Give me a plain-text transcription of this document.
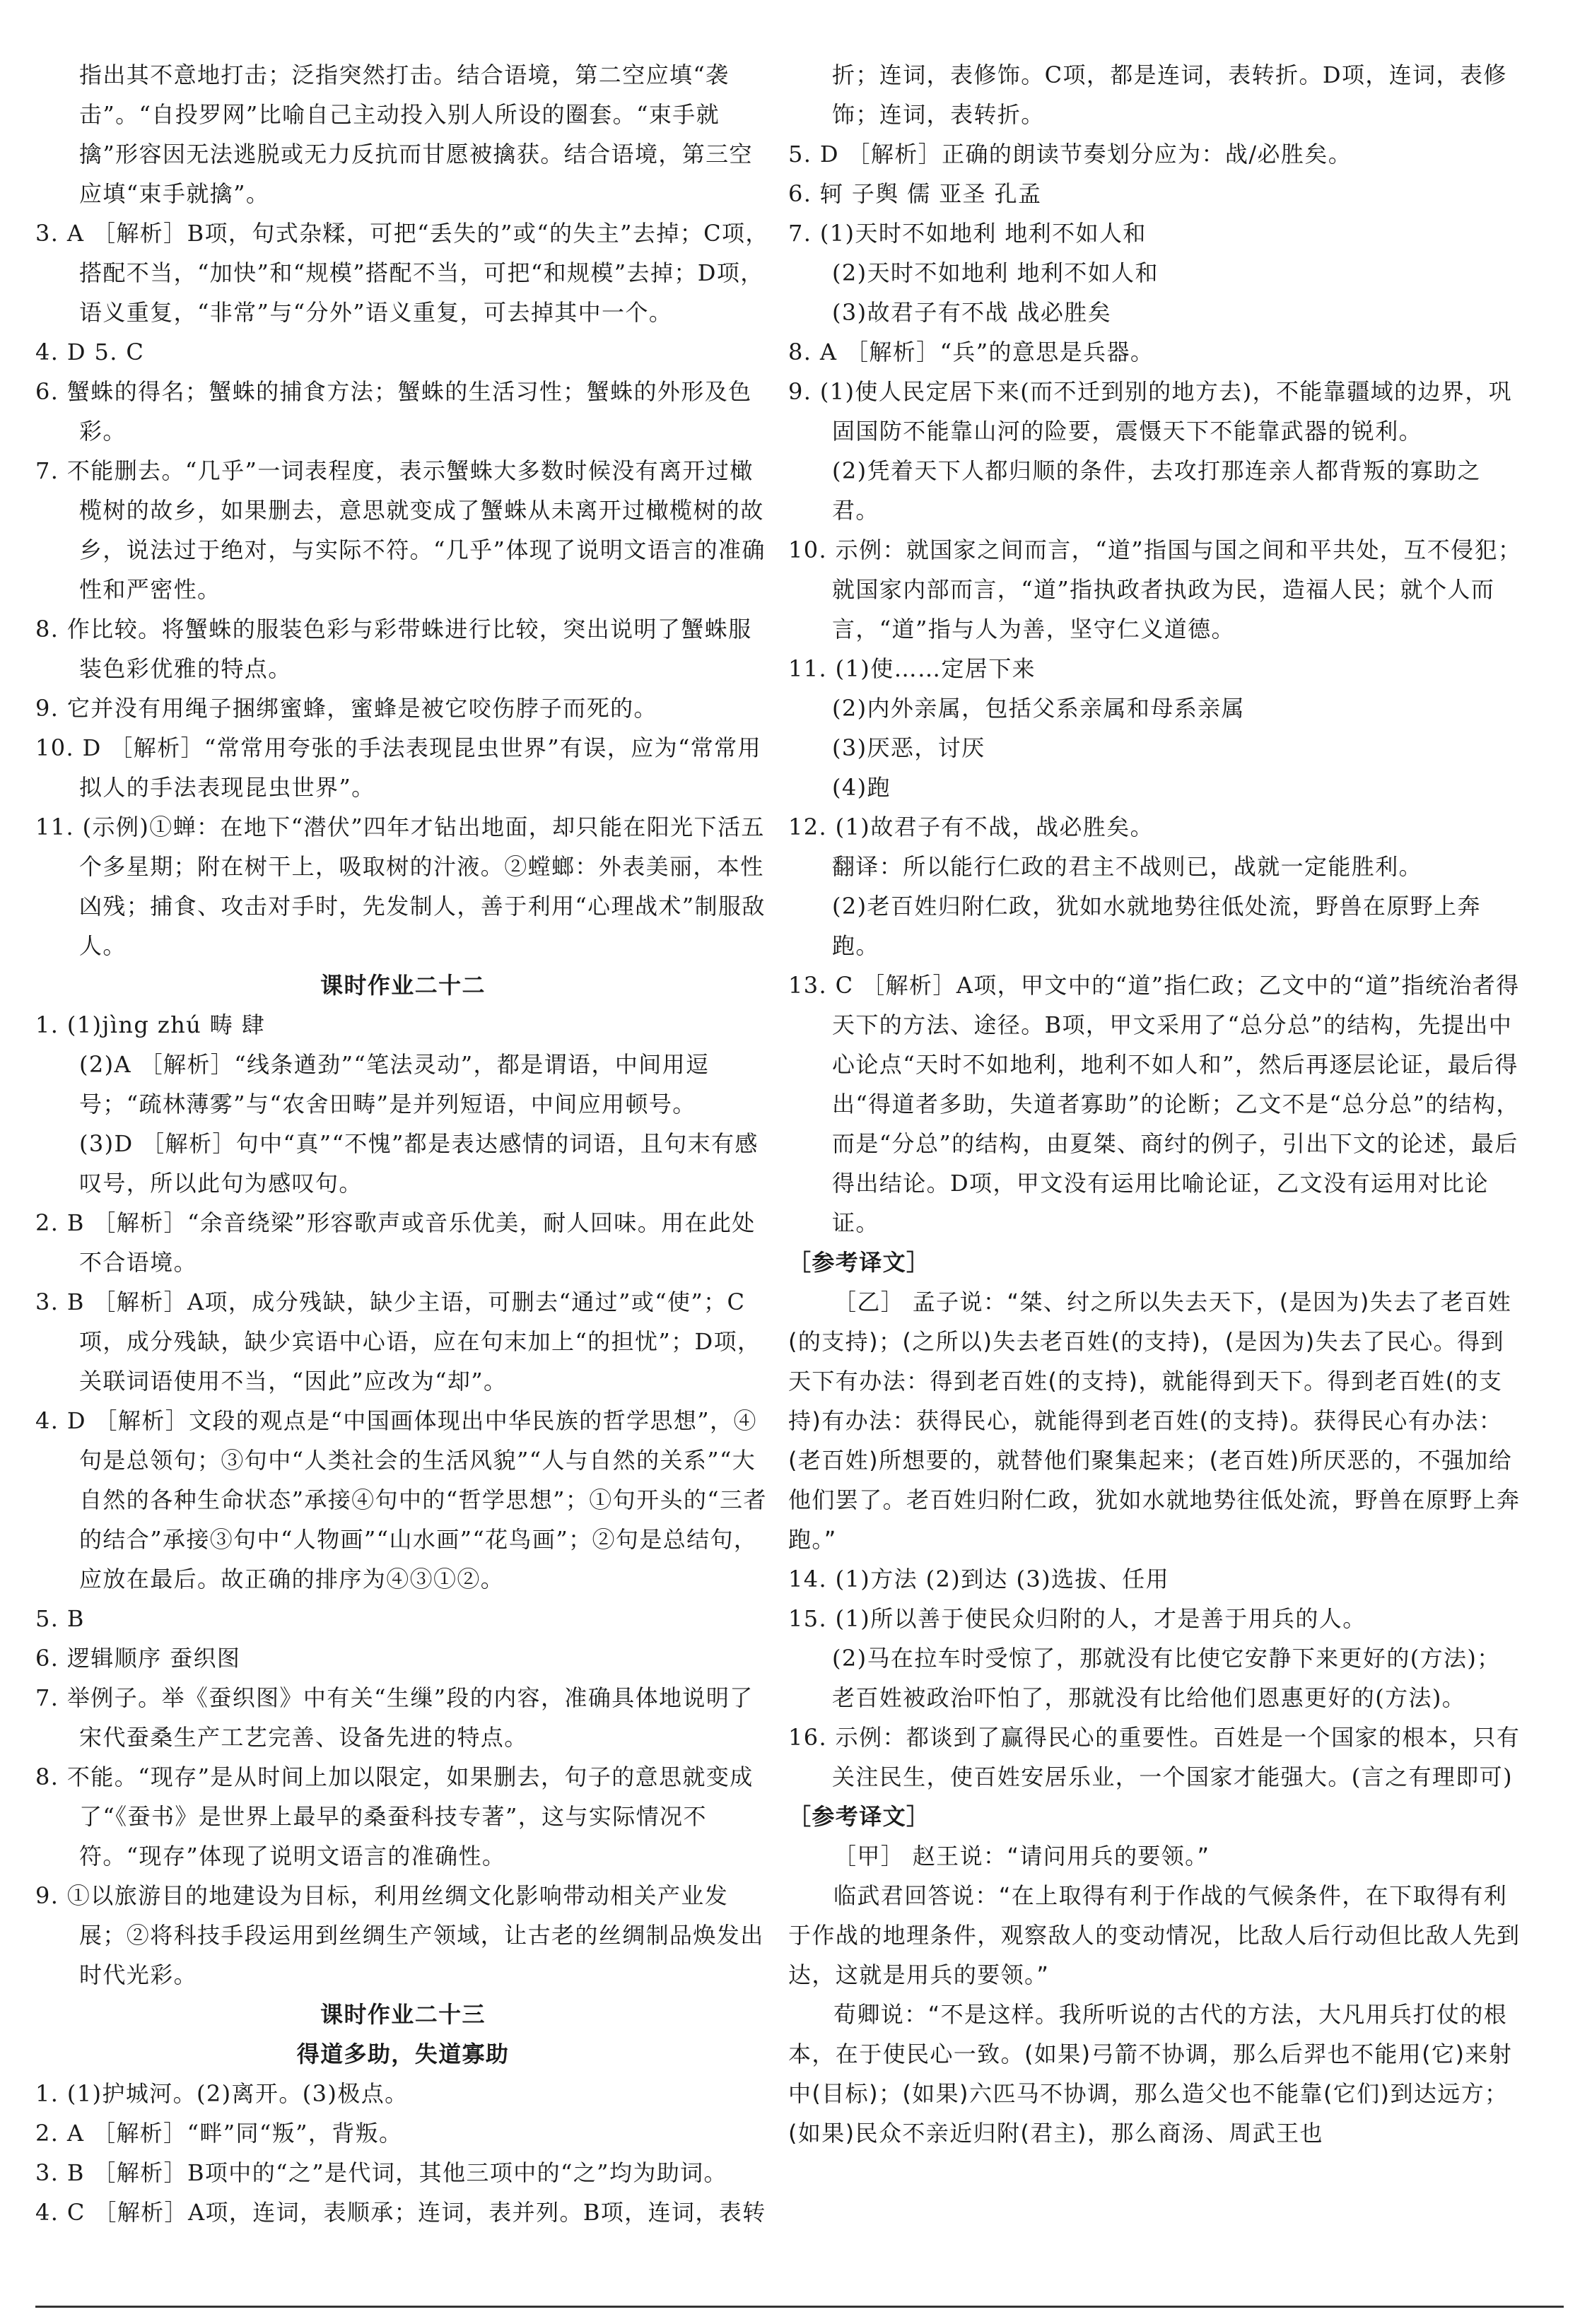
指出其不意地打击；泛指突然打击。结合语境，第二空应填“袭击”。“自投罗网”比喻自己主动投入别人所设的圈套。“束手就擒”形容因无法逃脱或无力反抗而甘愿被擒获。结合语境，第三空应填“束手就擒”。
3. A ［解析］B项，句式杂糅，可把“丢失的”或“的失主”去掉；C项，搭配不当，“加快”和“规模”搭配不当，可把“和规模”去掉；D项，语义重复，“非常”与“分外”语义重复，可去掉其中一个。
4. D 5. C
6. 蟹蛛的得名；蟹蛛的捕食方法；蟹蛛的生活习性；蟹蛛的外形及色彩。
7. 不能删去。“几乎”一词表程度，表示蟹蛛大多数时候没有离开过橄榄树的故乡，如果删去，意思就变成了蟹蛛从未离开过橄榄树的故乡，说法过于绝对，与实际不符。“几乎”体现了说明文语言的准确性和严密性。
8. 作比较。将蟹蛛的服装色彩与彩带蛛进行比较，突出说明了蟹蛛服装色彩优雅的特点。
9. 它并没有用绳子捆绑蜜蜂，蜜蜂是被它咬伤脖子而死的。
10. D ［解析］“常常用夸张的手法表现昆虫世界”有误，应为“常常用拟人的手法表现昆虫世界”。
11. (示例)①蝉：在地下“潜伏”四年才钻出地面，却只能在阳光下活五个多星期；附在树干上，吸取树的汁液。②螳螂：外表美丽，本性凶残；捕食、攻击对手时，先发制人，善于利用“心理战术”制服敌人。
课时作业二十二
1. (1)jìng zhú 畴 肆
(2)A ［解析］“线条遒劲”“笔法灵动”，都是谓语，中间用逗号；“疏林薄雾”与“农舍田畴”是并列短语，中间应用顿号。
(3)D ［解析］句中“真”“不愧”都是表达感情的词语，且句末有感叹号，所以此句为感叹句。
2. B ［解析］“余音绕梁”形容歌声或音乐优美，耐人回味。用在此处不合语境。
3. B ［解析］A项，成分残缺，缺少主语，可删去“通过”或“使”；C项，成分残缺，缺少宾语中心语，应在句末加上“的担忧”；D项，关联词语使用不当，“因此”应改为“却”。
4. D ［解析］文段的观点是“中国画体现出中华民族的哲学思想”，④句是总领句；③句中“人类社会的生活风貌”“人与自然的关系”“大自然的各种生命状态”承接④句中的“哲学思想”；①句开头的“三者的结合”承接③句中“人物画”“山水画”“花鸟画”；②句是总结句，应放在最后。故正确的排序为④③①②。
5. B
6. 逻辑顺序 蚕织图
7. 举例子。举《蚕织图》中有关“生缫”段的内容，准确具体地说明了宋代蚕桑生产工艺完善、设备先进的特点。
8. 不能。“现存”是从时间上加以限定，如果删去，句子的意思就变成了“《蚕书》是世界上最早的桑蚕科技专著”，这与实际情况不符。“现存”体现了说明文语言的准确性。
9. ①以旅游目的地建设为目标，利用丝绸文化影响带动相关产业发展；②将科技手段运用到丝绸生产领域，让古老的丝绸制品焕发出时代光彩。
课时作业二十三
得道多助，失道寡助
1. (1)护城河。(2)离开。(3)极点。
2. A ［解析］“畔”同“叛”，背叛。
3. B ［解析］B项中的“之”是代词，其他三项中的“之”均为助词。
4. C ［解析］A项，连词，表顺承；连词，表并列。B项，连词，表转
折；连词，表修饰。C项，都是连词，表转折。D项，连词，表修饰；连词，表转折。
5. D ［解析］正确的朗读节奏划分应为：战/必胜矣。
6. 轲 子舆 儒 亚圣 孔孟
7. (1)天时不如地利 地利不如人和
(2)天时不如地利 地利不如人和
(3)故君子有不战 战必胜矣
8. A ［解析］“兵”的意思是兵器。
9. (1)使人民定居下来(而不迁到别的地方去)，不能靠疆域的边界，巩固国防不能靠山河的险要，震慑天下不能靠武器的锐利。
(2)凭着天下人都归顺的条件，去攻打那连亲人都背叛的寡助之君。
10. 示例：就国家之间而言，“道”指国与国之间和平共处，互不侵犯；就国家内部而言，“道”指执政者执政为民，造福人民；就个人而言，“道”指与人为善，坚守仁义道德。
11. (1)使……定居下来
(2)内外亲属，包括父系亲属和母系亲属
(3)厌恶，讨厌
(4)跑
12. (1)故君子有不战，战必胜矣。
翻译：所以能行仁政的君主不战则已，战就一定能胜利。
(2)老百姓归附仁政，犹如水就地势往低处流，野兽在原野上奔跑。
13. C ［解析］A项，甲文中的“道”指仁政；乙文中的“道”指统治者得天下的方法、途径。B项，甲文采用了“总分总”的结构，先提出中心论点“天时不如地利，地利不如人和”，然后再逐层论证，最后得出“得道者多助，失道者寡助”的论断；乙文不是“总分总”的结构，而是“分总”的结构，由夏桀、商纣的例子，引出下文的论述，最后得出结论。D项，甲文没有运用比喻论证，乙文没有运用对比论证。
［参考译文］
［乙］ 孟子说：“桀、纣之所以失去天下，(是因为)失去了老百姓(的支持)；(之所以)失去老百姓(的支持)，(是因为)失去了民心。得到天下有办法：得到老百姓(的支持)，就能得到天下。得到老百姓(的支持)有办法：获得民心，就能得到老百姓(的支持)。获得民心有办法：(老百姓)所想要的，就替他们聚集起来；(老百姓)所厌恶的，不强加给他们罢了。老百姓归附仁政，犹如水就地势往低处流，野兽在原野上奔跑。”
14. (1)方法 (2)到达 (3)选拔、任用
15. (1)所以善于使民众归附的人，才是善于用兵的人。
(2)马在拉车时受惊了，那就没有比使它安静下来更好的(方法)；老百姓被政治吓怕了，那就没有比给他们恩惠更好的(方法)。
16. 示例：都谈到了赢得民心的重要性。百姓是一个国家的根本，只有关注民生，使百姓安居乐业，一个国家才能强大。(言之有理即可)
［参考译文］
［甲］ 赵王说：“请问用兵的要领。”
临武君回答说：“在上取得有利于作战的气候条件，在下取得有利于作战的地理条件，观察敌人的变动情况，比敌人后行动但比敌人先到达，这就是用兵的要领。”
荀卿说：“不是这样。我所听说的古代的方法，大凡用兵打仗的根本，在于使民心一致。(如果)弓箭不协调，那么后羿也不能用(它)来射中(目标)；(如果)六匹马不协调，那么造父也不能靠(它们)到达远方；(如果)民众不亲近归附(君主)，那么商汤、周武王也
